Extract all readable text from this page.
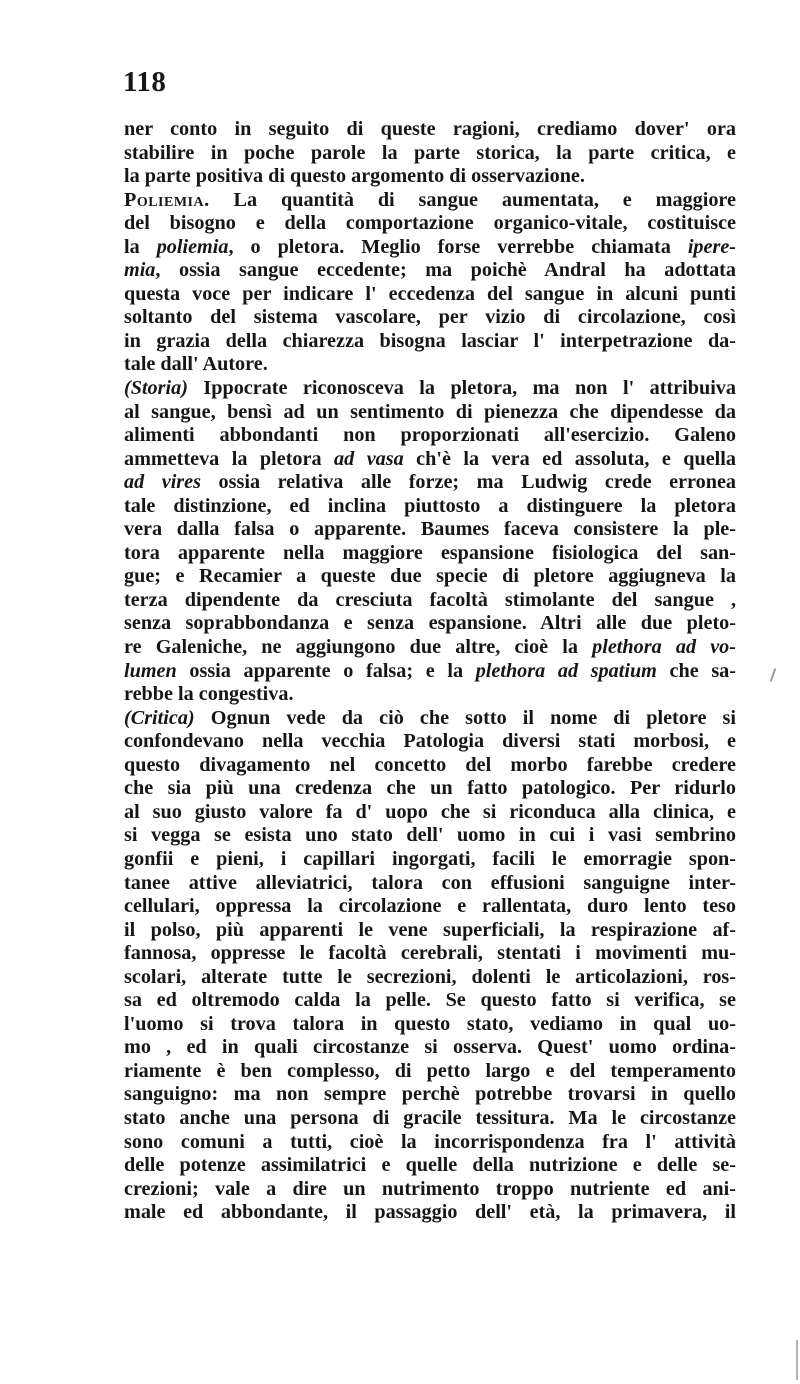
118
ner conto in seguito di queste ragioni, crediamo dover' ora
stabilire in poche parole la parte storica, la parte critica, e
la parte positiva di questo argomento di osservazione.
Poliemia. La quantità di sangue aumentata, e maggiore
del bisogno e della comportazione organico-vitale, costituisce
la poliemia, o pletora. Meglio forse verrebbe chiamata ipere-
mia, ossia sangue eccedente; ma poichè Andral ha adottata
questa voce per indicare l' eccedenza del sangue in alcuni punti
soltanto del sistema vascolare, per vizio di circolazione, così
in grazia della chiarezza bisogna lasciar l' interpetrazione da-
tale dall' Autore.
(Storia) Ippocrate riconosceva la pletora, ma non l' attribuiva
al sangue, bensì ad un sentimento di pienezza che dipendesse da
alimenti abbondanti non proporzionati all'esercizio. Galeno
ammetteva la pletora ad vasa ch'è la vera ed assoluta, e quella
ad vires ossia relativa alle forze; ma Ludwig crede erronea
tale distinzione, ed inclina piuttosto a distinguere la pletora
vera dalla falsa o apparente. Baumes faceva consistere la ple-
tora apparente nella maggiore espansione fisiologica del san-
gue; e Recamier a queste due specie di pletore aggiugneva la
terza dipendente da cresciuta facoltà stimolante del sangue ,
senza soprabbondanza e senza espansione. Altri alle due pleto-
re Galeniche, ne aggiungono due altre, cioè la plethora ad vo-
lumen ossia apparente o falsa; e la plethora ad spatium che sa-
rebbe la congestiva.
(Critica) Ognun vede da ciò che sotto il nome di pletore si
confondevano nella vecchia Patologia diversi stati morbosi, e
questo divagamento nel concetto del morbo farebbe credere
che sia più una credenza che un fatto patologico. Per ridurlo
al suo giusto valore fa d' uopo che si riconduca alla clinica, e
si vegga se esista uno stato dell' uomo in cui i vasi sembrino
gonfii e pieni, i capillari ingorgati, facili le emorragie spon-
tanee attive alleviatrici, talora con effusioni sanguigne inter-
cellulari, oppressa la circolazione e rallentata, duro lento teso
il polso, più apparenti le vene superficiali, la respirazione af-
fannosa, oppresse le facoltà cerebrali, stentati i movimenti mu-
scolari, alterate tutte le secrezioni, dolenti le articolazioni, ros-
sa ed oltremodo calda la pelle. Se questo fatto si verifica, se
l'uomo si trova talora in questo stato, vediamo in qual uo-
mo , ed in quali circostanze si osserva. Quest' uomo ordina-
riamente è ben complesso, di petto largo e del temperamento
sanguigno: ma non sempre perchè potrebbe trovarsi in quello
stato anche una persona di gracile tessitura. Ma le circostanze
sono comuni a tutti, cioè la incorrispondenza fra l' attività
delle potenze assimilatrici e quelle della nutrizione e delle se-
crezioni; vale a dire un nutrimento troppo nutriente ed ani-
male ed abbondante, il passaggio dell' età, la primavera, il
